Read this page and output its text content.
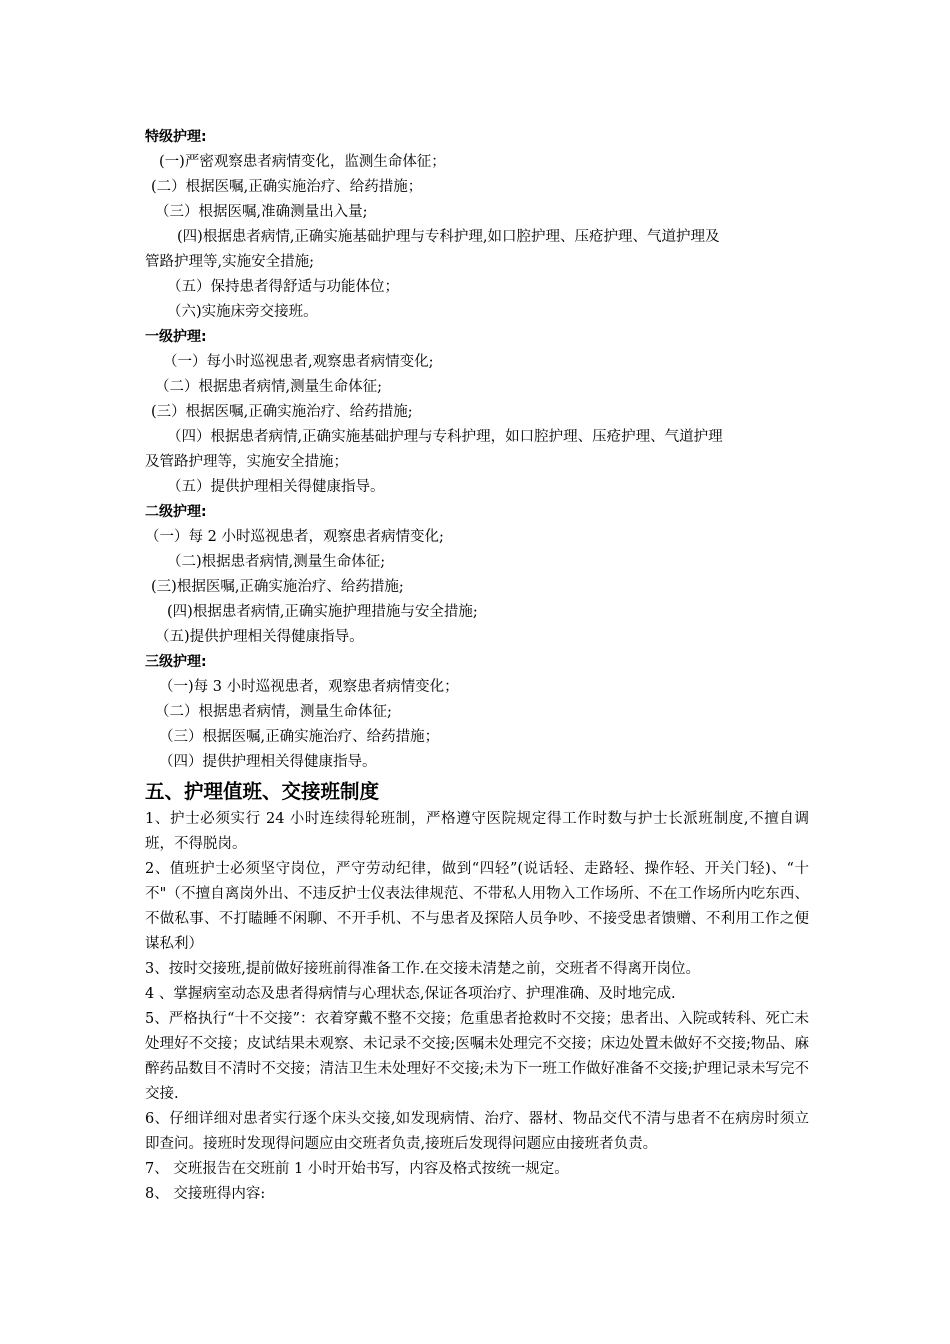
特级护理:
(一)严密观察患者病情变化，监测生命体征；
(二）根据医嘱,正确实施治疗、给药措施；
（三）根据医嘱,准确测量出入量;
(四)根据患者病情,正确实施基础护理与专科护理,如口腔护理、压疮护理、气道护理及
管路护理等,实施安全措施;
（五）保持患者得舒适与功能体位；
（六)实施床旁交接班。
一级护理:
（一）每小时巡视患者,观察患者病情变化;
（二）根据患者病情,测量生命体征;
(三）根据医嘱,正确实施治疗、给药措施;
（四）根据患者病情,正确实施基础护理与专科护理，如口腔护理、压疮护理、气道护理
及管路护理等，实施安全措施；
（五）提供护理相关得健康指导。
二级护理:
（一）每 2 小时巡视患者，观察患者病情变化;
（二)根据患者病情,测量生命体征;
(三)根据医嘱,正确实施治疗、给药措施;
(四)根据患者病情,正确实施护理措施与安全措施;
（五)提供护理相关得健康指导。
三级护理:
（一)每 3 小时巡视患者，观察患者病情变化；
（二）根据患者病情，测量生命体征;
（三）根据医嘱,正确实施治疗、给药措施；
（四）提供护理相关得健康指导。
五、护理值班、交接班制度
1、护士必须实行 24 小时连续得轮班制，严格遵守医院规定得工作时数与护士长派班制度,不擅自调班，不得脱岗。
2、值班护士必须坚守岗位，严守劳动纪律，做到“四轻”(说话轻、走路轻、操作轻、开关门轻)、“十不"（不擅自离岗外出、不违反护士仪表法律规范、不带私人用物入工作场所、不在工作场所内吃东西、不做私事、不打瞌睡不闲聊、不开手机、不与患者及探陪人员争吵、不接受患者馈赠、不利用工作之便谋私利）
3、按时交接班,提前做好接班前得准备工作.在交接未清楚之前，交班者不得离开岗位。
4 、掌握病室动态及患者得病情与心理状态,保证各项治疗、护理准确、及时地完成.
5、严格执行“十不交接”：衣着穿戴不整不交接；危重患者抢救时不交接；患者出、入院或转科、死亡未处理好不交接；皮试结果未观察、未记录不交接;医嘱未处理完不交接；床边处置未做好不交接;物品、麻醉药品数目不清时不交接；清洁卫生未处理好不交接;未为下一班工作做好准备不交接;护理记录未写完不交接.
6、仔细详细对患者实行逐个床头交接,如发现病情、治疗、器材、物品交代不清与患者不在病房时须立即查问。接班时发现得问题应由交班者负责,接班后发现得问题应由接班者负责。
7、 交班报告在交班前 1 小时开始书写，内容及格式按统一规定。
8、 交接班得内容:
